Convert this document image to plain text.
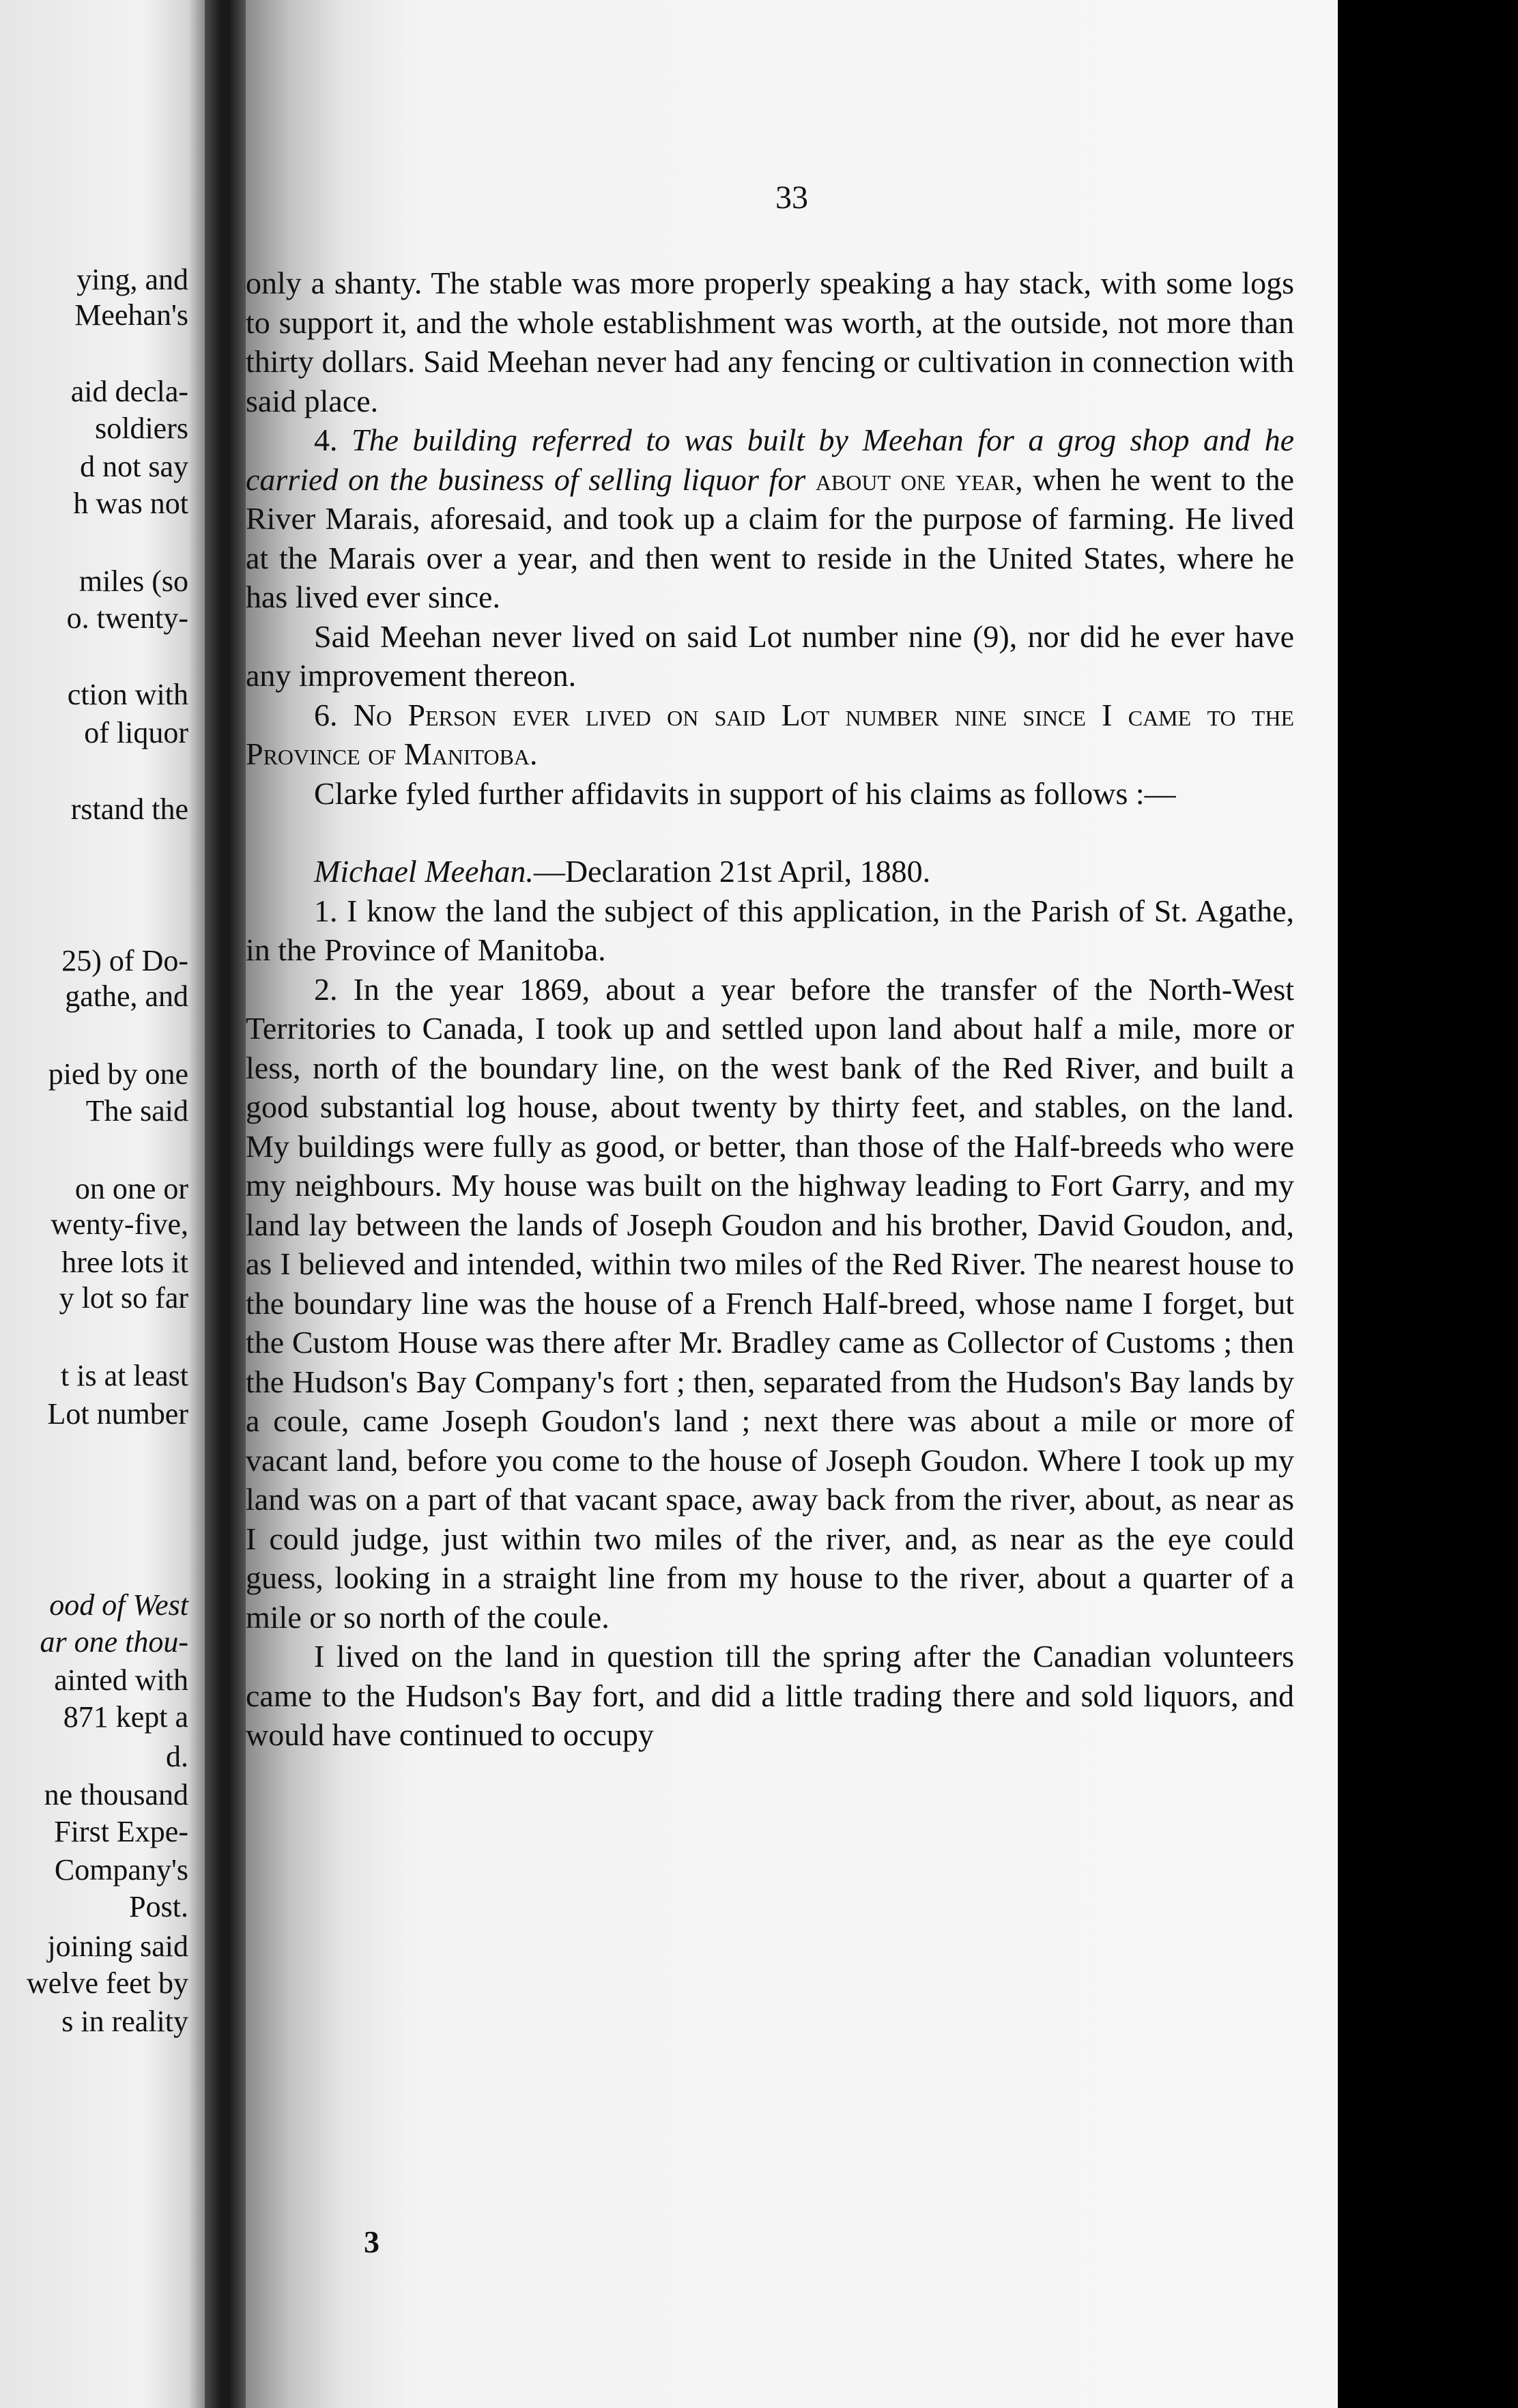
ying, and
Meehan's
aid decla-
soldiers
d not say
h was not
miles (so
o. twenty-
ction with
of liquor
rstand the
25) of Do-
gathe, and
pied by one
The said
on one or
wenty-five,
hree lots it
y lot so far
t is at least
Lot number
ood of West
ar one thou-
ainted with
871 kept a
d.
ne thousand
First Expe-
Company's
Post.
joining said
welve feet by
s in reality
33

only a shanty. The stable was more properly speaking a hay stack, with some logs to support it, and the whole establishment was worth, at the outside, not more than thirty dollars. Said Meehan never had any fencing or cultivation in connection with said place.

4. The building referred to was built by Meehan for a grog shop and he carried on the business of selling liquor for about one year, when he went to the River Marais, aforesaid, and took up a claim for the purpose of farming. He lived at the Marais over a year, and then went to reside in the United States, where he has lived ever since.

Said Meehan never lived on said Lot number nine (9), nor did he ever have any improvement thereon.

6. No Person ever lived on said Lot number nine since I came to the Province of Manitoba.

Clarke fyled further affidavits in support of his claims as follows :—

Michael Meehan.—Declaration 21st April, 1880.

1. I know the land the subject of this application, in the Parish of St. Agathe, in the Province of Manitoba.

2. In the year 1869, about a year before the transfer of the North-West Territories to Canada, I took up and settled upon land about half a mile, more or less, north of the boundary line, on the west bank of the Red River, and built a good substantial log house, about twenty by thirty feet, and stables, on the land. My buildings were fully as good, or better, than those of the Half-breeds who were my neighbours. My house was built on the highway leading to Fort Garry, and my land lay between the lands of Joseph Goudon and his brother, David Goudon, and, as I believed and intended, within two miles of the Red River. The nearest house to the boundary line was the house of a French Half-breed, whose name I forget, but the Custom House was there after Mr. Bradley came as Collector of Customs ; then the Hudson's Bay Company's fort ; then, separated from the Hudson's Bay lands by a coule, came Joseph Goudon's land ; next there was about a mile or more of vacant land, before you come to the house of Joseph Goudon. Where I took up my land was on a part of that vacant space, away back from the river, about, as near as I could judge, just within two miles of the river, and, as near as the eye could guess, looking in a straight line from my house to the river, about a quarter of a mile or so north of the coule.

I lived on the land in question till the spring after the Canadian volunteers came to the Hudson's Bay fort, and did a little trading there and sold liquors, and would have continued to occupy

3
